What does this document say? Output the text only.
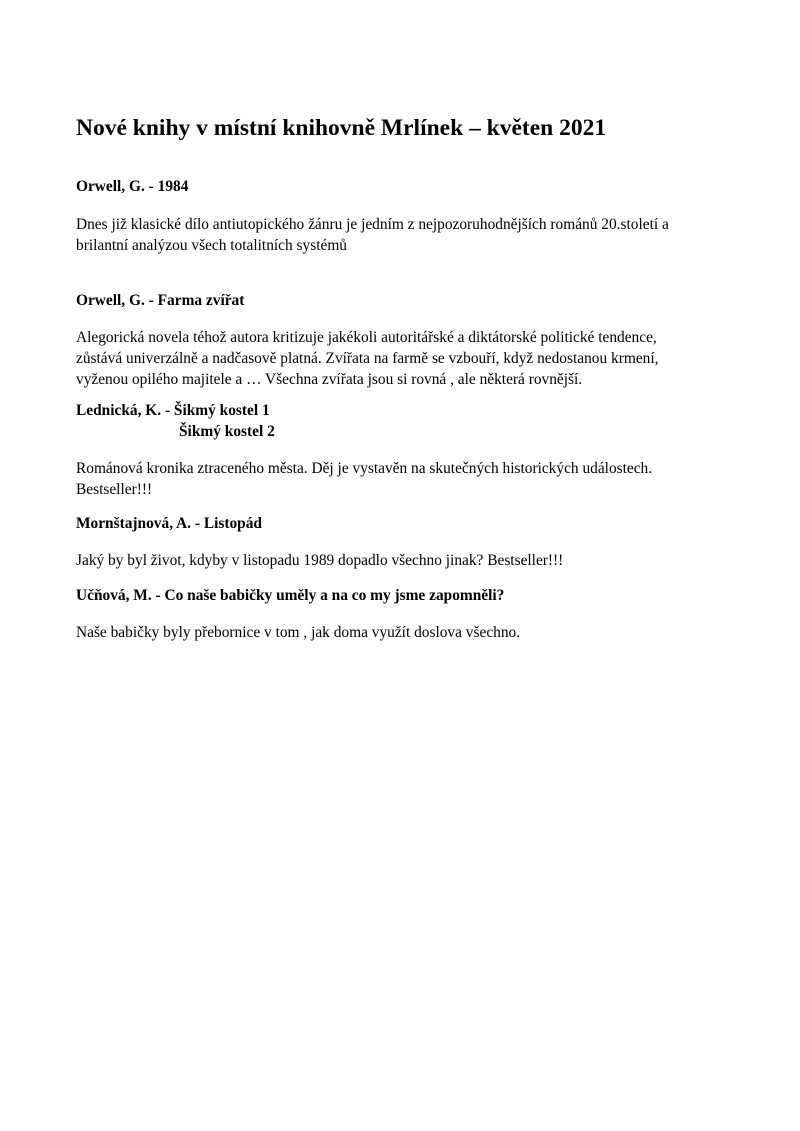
Nové knihy v místní knihovně Mrlínek – květen 2021

Orwell, G. - 1984

Dnes již klasické dílo antiutopického žánru je jedním z nejpozoruhodnějších románů 20.století a

brilantní analýzou všech totalitních systémů

Orwell, G. - Farma zvířat

Alegorická novela téhož autora kritizuje jakékoli autoritářské a diktátorské politické tendence,

zůstává univerzálně a nadčasově platná. Zvířata na farmě se vzbouří, když nedostanou krmení,

vyženou opilého majitele a … Všechna zvířata jsou si rovná , ale některá rovnější.

Lednická, K. - Šikmý kostel 1

Šikmý kostel 2

Románová kronika ztraceného města. Děj je vystavěn na skutečných historických událostech.

Bestseller!!!

Mornštajnová, A. - Listopád

Jaký by byl život, kdyby v listopadu 1989 dopadlo všechno jinak? Bestseller!!!

Učňová, M. - Co naše babičky uměly a na co my jsme zapomněli?

Naše babičky byly přebornice v tom , jak doma využít doslova všechno.
